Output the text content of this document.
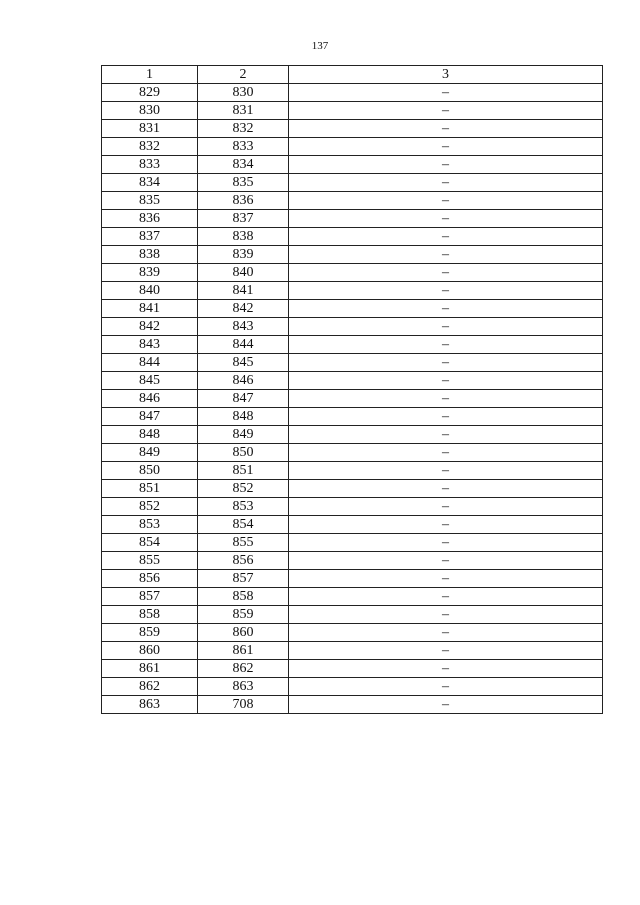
137
1	2	3
829	830	–
830	831	–
831	832	–
832	833	–
833	834	–
834	835	–
835	836	–
836	837	–
837	838	–
838	839	–
839	840	–
840	841	–
841	842	–
842	843	–
843	844	–
844	845	–
845	846	–
846	847	–
847	848	–
848	849	–
849	850	–
850	851	–
851	852	–
852	853	–
853	854	–
854	855	–
855	856	–
856	857	–
857	858	–
858	859	–
859	860	–
860	861	–
861	862	–
862	863	–
863	708	–
